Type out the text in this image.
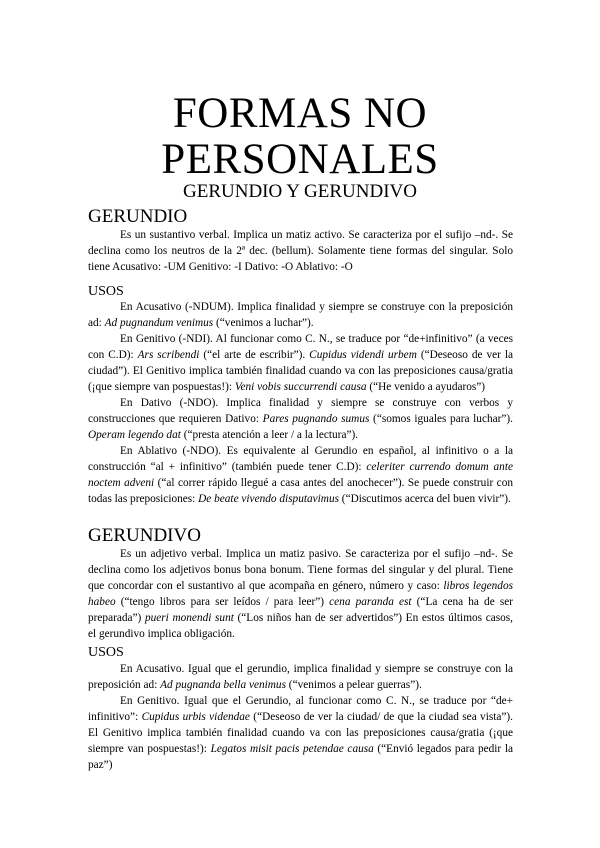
FORMAS NO
PERSONALES
GERUNDIO Y GERUNDIVO
GERUNDIO

Es un sustantivo verbal. Implica un matiz activo. Se caracteriza por el sufijo –nd-. Se declina como los neutros de la 2ª dec. (bellum). Solamente tiene formas del singular. Solo tiene Acusativo: -UM Genitivo: -I Dativo: -O Ablativo: -O

USOS

En Acusativo (-NDUM). Implica finalidad y siempre se construye con la preposición ad: Ad pugnandum venimus (“venimos a luchar”).

En Genitivo (-NDI). Al funcionar como C. N., se traduce por “de+infinitivo” (a veces con C.D): Ars scribendi (“el arte de escribir”). Cupidus videndi urbem (“Deseoso de ver la ciudad”). El Genitivo implica también finalidad cuando va con las preposiciones causa/gratia (¡que siempre van pospuestas!): Veni vobis succurrendi causa (“He venido a ayudaros”)

En Dativo (-NDO). Implica finalidad y siempre se construye con verbos y construcciones que requieren Dativo: Pares pugnando sumus (“somos iguales para luchar”). Operam legendo dat (“presta atención a leer / a la lectura”).

En Ablativo (-NDO). Es equivalente al Gerundio en español, al infinitivo o a la construcción “al + infinitivo” (también puede tener C.D): celeriter currendo domum ante noctem adveni (“al correr rápido llegué a casa antes del anochecer”). Se puede construir con todas las preposiciones: De beate vivendo disputavimus (“Discutimos acerca del buen vivir”).

GERUNDIVO

Es un adjetivo verbal. Implica un matiz pasivo. Se caracteriza por el sufijo –nd-. Se declina como los adjetivos bonus bona bonum. Tiene formas del singular y del plural. Tiene que concordar con el sustantivo al que acompaña en género, número y caso: libros legendos habeo (“tengo libros para ser leídos / para leer”) cena paranda est (“La cena ha de ser preparada”) pueri monendi sunt (“Los niños han de ser advertidos”) En estos últimos casos, el gerundivo implica obligación.

USOS

En Acusativo. Igual que el gerundio, implica finalidad y siempre se construye con la preposición ad: Ad pugnanda bella venimus (“venimos a pelear guerras”).

En Genitivo. Igual que el Gerundio, al funcionar como C. N., se traduce por “de+ infinitivo”: Cupidus urbis videndae (“Deseoso de ver la ciudad/ de que la ciudad sea vista”). El Genitivo implica también finalidad cuando va con las preposiciones causa/gratia (¡que siempre van pospuestas!): Legatos misit pacis petendae causa (“Envió legados para pedir la paz”)
